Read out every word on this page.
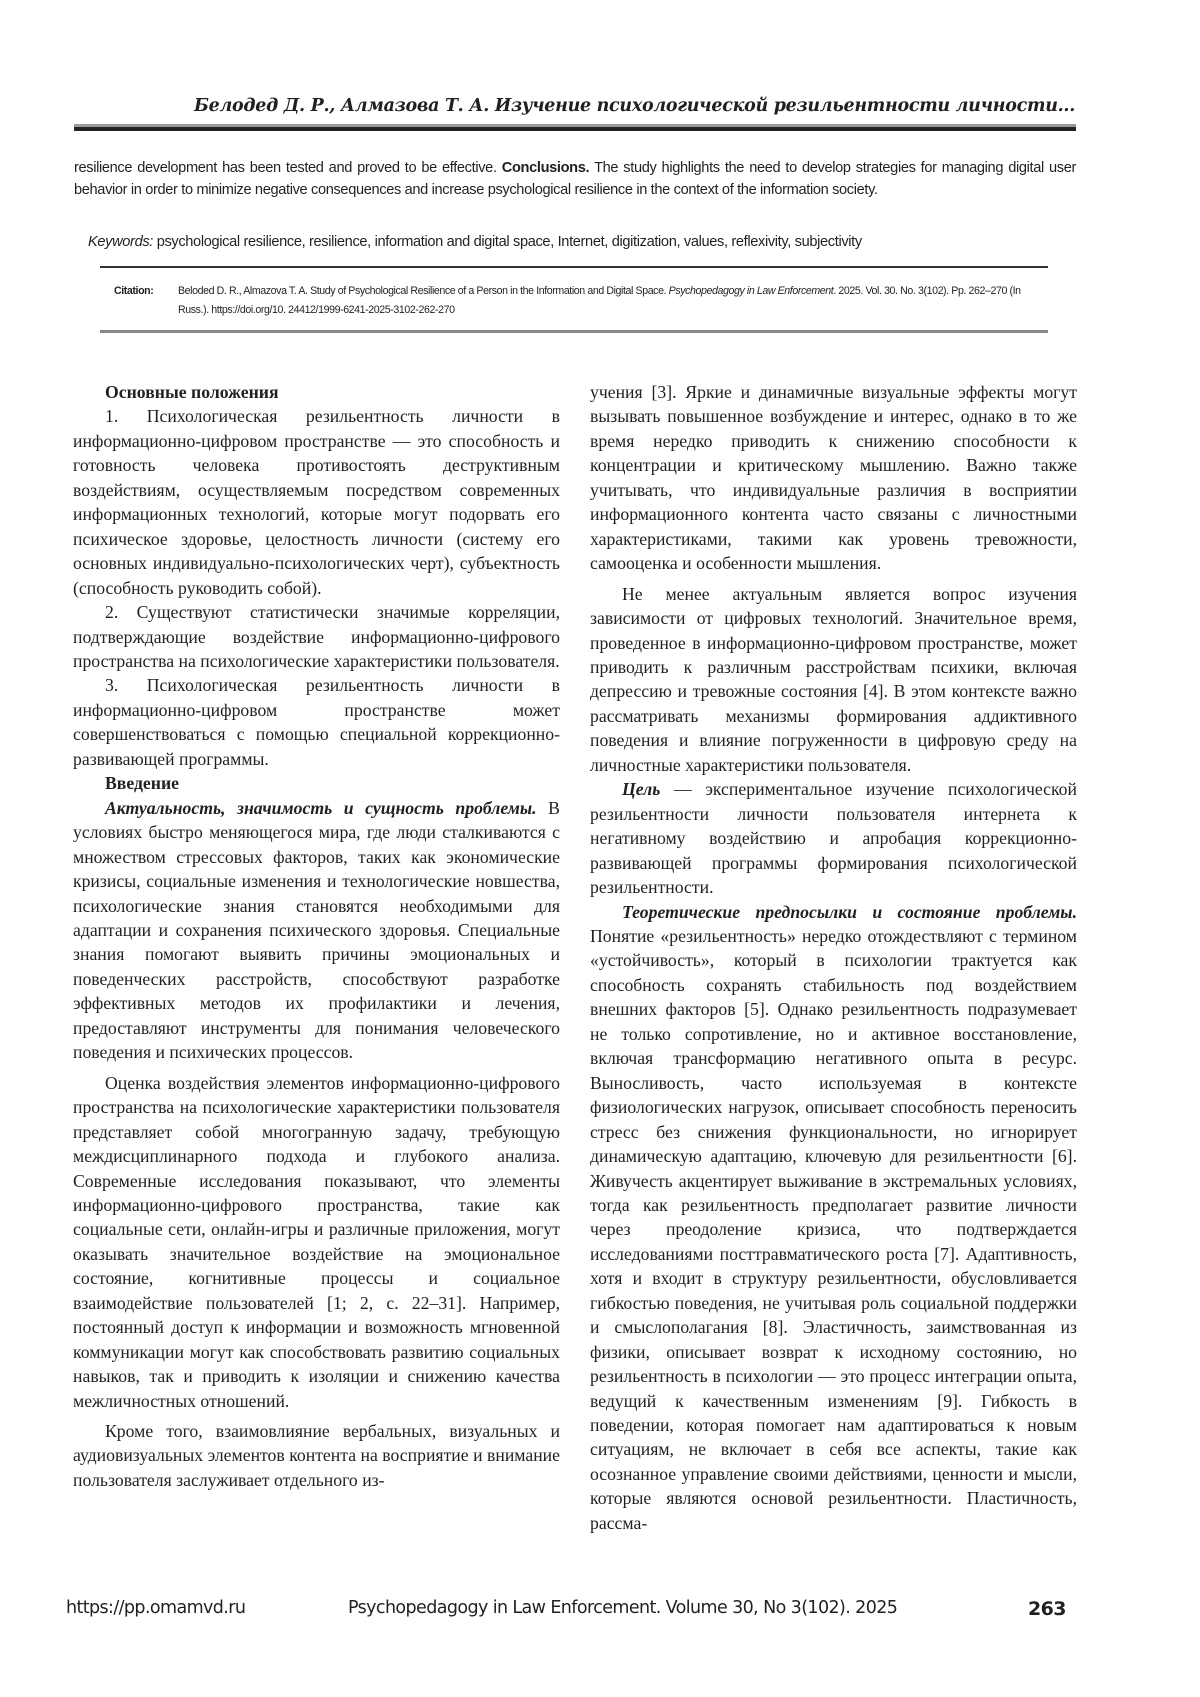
Белодед Д. Р., Алмазова Т. А. Изучение психологической резильентности личности...
resilience development has been tested and proved to be effective. Conclusions. The study highlights the need to develop strategies for managing digital user behavior in order to minimize negative consequences and increase psychological resilience in the context of the information society.
Keywords: psychological resilience, resilience, information and digital space, Internet, digitization, values, reflexivity, subjectivity
Citation:	Beloded D. R., Almazova T. A. Study of Psychological Resilience of a Person in the Information and Digital Space. Psychopedagogy in Law Enforcement. 2025. Vol. 30. No. 3(102). Pp. 262–270 (In Russ.). https://doi.org/10. 24412/1999-6241-2025-3102-262-270

Основные положения

1. Психологическая резильентность личности в информационно-цифровом пространстве — это способность и готовность человека противостоять деструктивным воздействиям, осуществляемым посредством современных информационных технологий, которые могут подорвать его психическое здоровье, целостность личности (систему его основных индивидуально-психологических черт), субъектность (способность руководить собой).

2. Существуют статистически значимые корреляции, подтверждающие воздействие информационно-цифрового пространства на психологические характеристики пользователя.

3. Психологическая резильентность личности в информационно-цифровом пространстве может совершенствоваться с помощью специальной коррекционно-развивающей программы.

Введение

Актуальность, значимость и сущность проблемы. В условиях быстро меняющегося мира, где люди сталкиваются с множеством стрессовых факторов, таких как экономические кризисы, социальные изменения и технологические новшества, психологические знания становятся необходимыми для адаптации и сохранения психического здоровья. Специальные знания помогают выявить причины эмоциональных и поведенческих расстройств, способствуют разработке эффективных методов их профилактики и лечения, предоставляют инструменты для понимания человеческого поведения и психических процессов.

Оценка воздействия элементов информационно-цифрового пространства на психологические характеристики пользователя представляет собой многогранную задачу, требующую междисциплинарного подхода и глубокого анализа. Современные исследования показывают, что элементы информационно-цифрового пространства, такие как социальные сети, онлайн-игры и различные приложения, могут оказывать значительное воздействие на эмоциональное состояние, когнитивные процессы и социальное взаимодействие пользователей [1; 2, с. 22–31]. Например, постоянный доступ к информации и возможность мгновенной коммуникации могут как способствовать развитию социальных навыков, так и приводить к изоляции и снижению качества межличностных отношений.

Кроме того, взаимовлияние вербальных, визуальных и аудиовизуальных элементов контента на восприятие и внимание пользователя заслуживает отдельного из-

учения [3]. Яркие и динамичные визуальные эффекты могут вызывать повышенное возбуждение и интерес, однако в то же время нередко приводить к снижению способности к концентрации и критическому мышлению. Важно также учитывать, что индивидуальные различия в восприятии информационного контента часто связаны с личностными характеристиками, такими как уровень тревожности, самооценка и особенности мышления.

Не менее актуальным является вопрос изучения зависимости от цифровых технологий. Значительное время, проведенное в информационно-цифровом пространстве, может приводить к различным расстройствам психики, включая депрессию и тревожные состояния [4]. В этом контексте важно рассматривать механизмы формирования аддиктивного поведения и влияние погруженности в цифровую среду на личностные характеристики пользователя.

Цель — экспериментальное изучение психологической резильентности личности пользователя интернета к негативному воздействию и апробация коррекционно-развивающей программы формирования психологической резильентности.

Теоретические предпосылки и состояние проблемы. Понятие «резильентность» нередко отождествляют с термином «устойчивость», который в психологии трактуется как способность сохранять стабильность под воздействием внешних факторов [5]. Однако резильентность подразумевает не только сопротивление, но и активное восстановление, включая трансформацию негативного опыта в ресурс. Выносливость, часто используемая в контексте физиологических нагрузок, описывает способность переносить стресс без снижения функциональности, но игнорирует динамическую адаптацию, ключевую для резильентности [6]. Живучесть акцентирует выживание в экстремальных условиях, тогда как резильентность предполагает развитие личности через преодоление кризиса, что подтверждается исследованиями посттравматического роста [7]. Адаптивность, хотя и входит в структуру резильентности, обусловливается гибкостью поведения, не учитывая роль социальной поддержки и смыслополагания [8]. Эластичность, заимствованная из физики, описывает возврат к исходному состоянию, но резильентность в психологии — это процесс интеграции опыта, ведущий к качественным изменениям [9]. Гибкость в поведении, которая помогает нам адаптироваться к новым ситуациям, не включает в себя все аспекты, такие как осознанное управление своими действиями, ценности и мысли, которые являются основой резильентности. Пластичность, рассма-

https://pp.omamvd.ru	Psychopedagogy in Law Enforcement. Volume 30, No 3(102). 2025	263
